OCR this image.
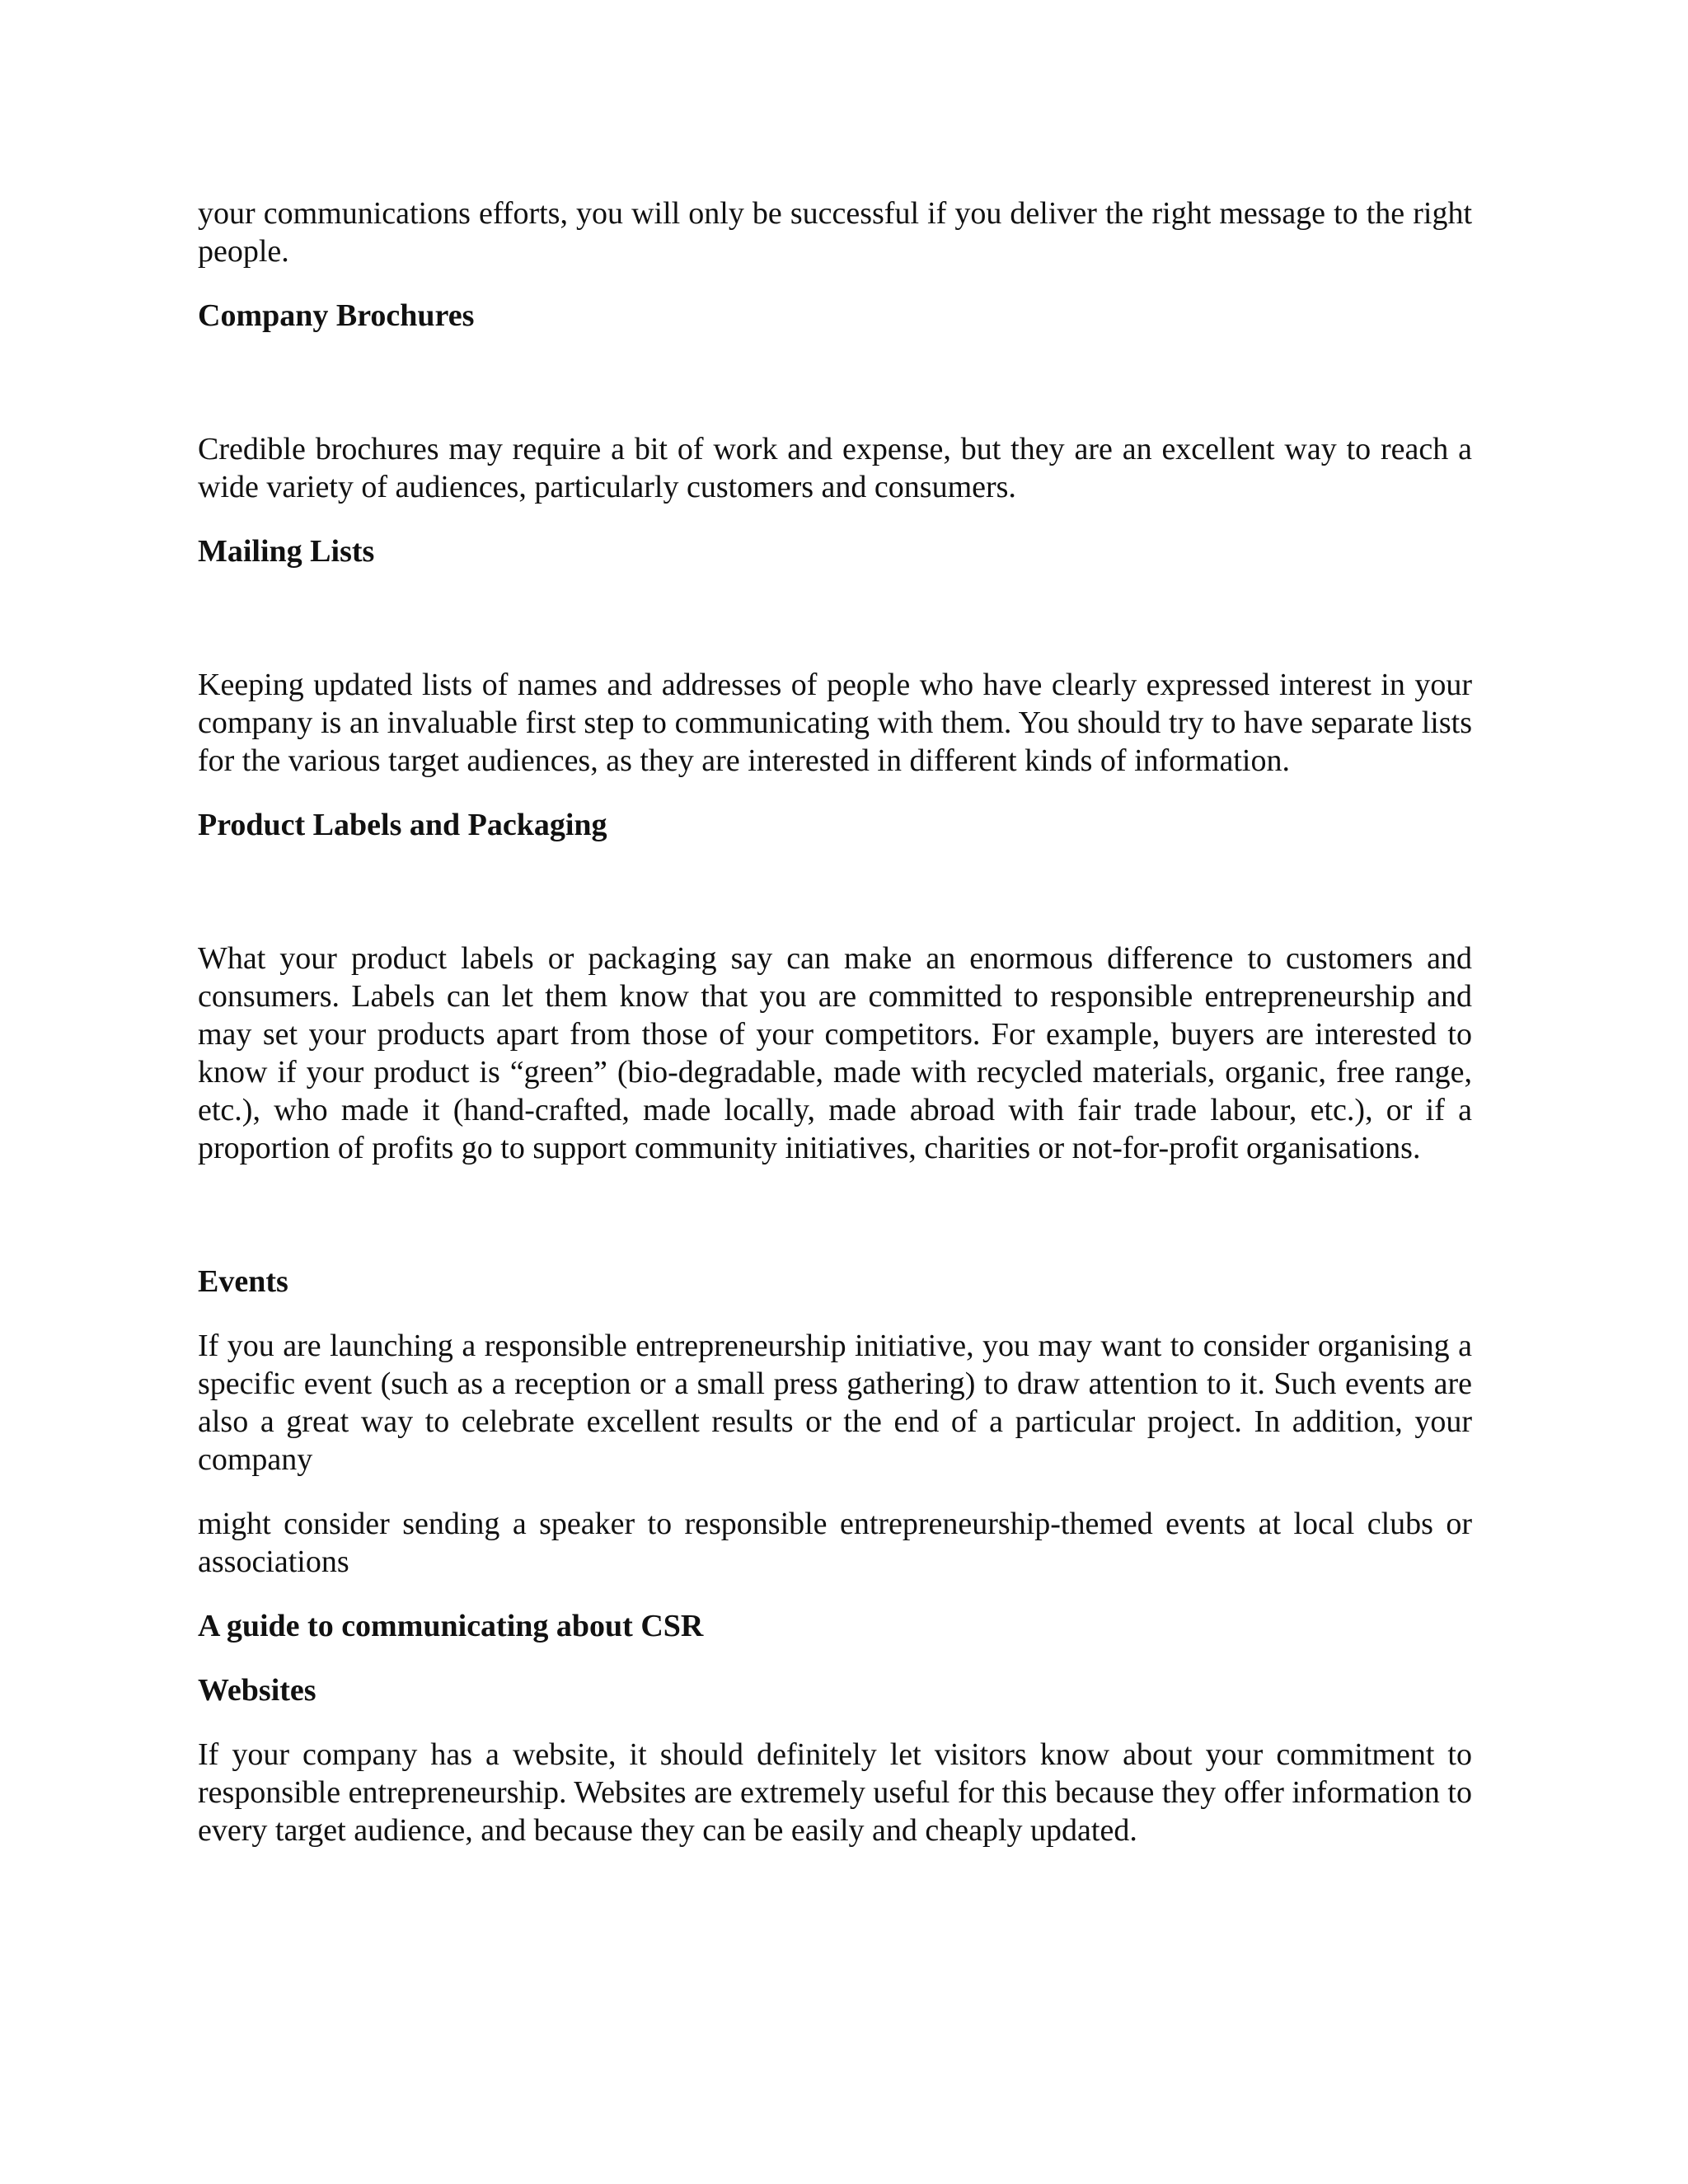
your communications efforts, you will only be successful if you deliver the right message to the right people.

Company Brochures

Credible brochures may require a bit of work and expense, but they are an excellent way to reach a wide variety of audiences, particularly customers and consumers.

Mailing Lists

Keeping updated lists of names and addresses of people who have clearly expressed interest in your company is an invaluable first step to communicating with them. You should try to have separate lists for the various target audiences, as they are interested in different kinds of information.

Product Labels and Packaging

What your product labels or packaging say can make an enormous difference to customers and consumers. Labels can let them know that you are committed to responsible entrepreneurship and may set your products apart from those of your competitors. For example, buyers are interested to know if your product is “green” (bio-degradable, made with recycled materials, organic, free range, etc.), who made it (hand-crafted, made locally, made abroad with fair trade labour, etc.), or if a proportion of profits go to support community initiatives, charities or not-for-profit organisations.

Events

If you are launching a responsible entrepreneurship initiative, you may want to consider organising a specific event (such as a reception or a small press gathering) to draw attention to it. Such events are also a great way to celebrate excellent results or the end of a particular project. In addition, your company

might consider sending a speaker to responsible entrepreneurship-themed events at local clubs or associations

A guide to communicating about CSR

Websites

If your company has a website, it should definitely let visitors know about your commitment to responsible entrepreneurship. Websites are extremely useful for this because they offer information to every target audience, and because they can be easily and cheaply updated.
